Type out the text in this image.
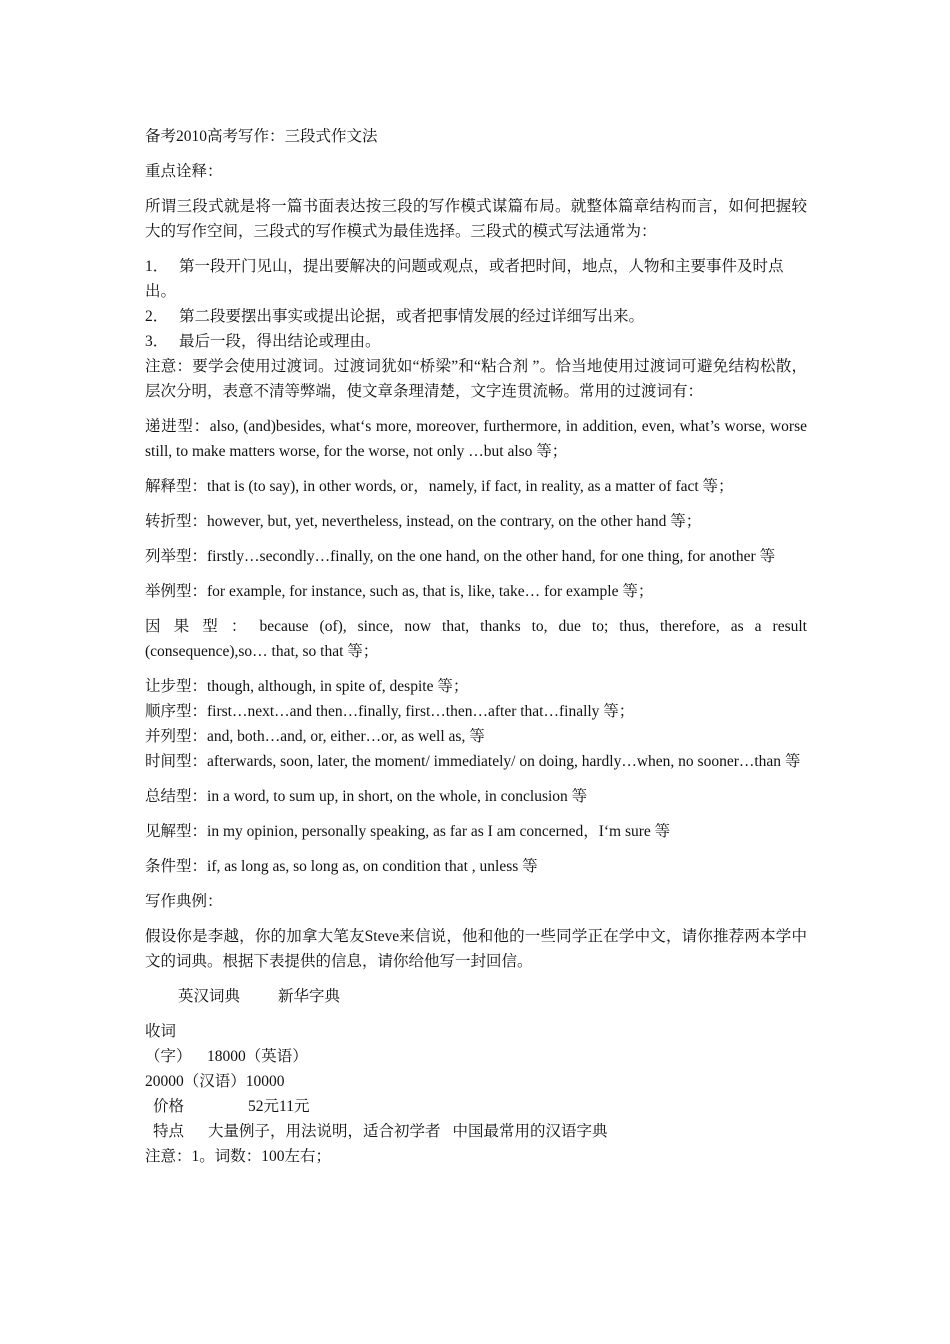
备考2010高考写作：三段式作文法

重点诠释：

所谓三段式就是将一篇书面表达按三段的写作模式谋篇布局。就整体篇章结构而言，如何把握较大的写作空间，三段式的写作模式为最佳选择。三段式的模式写法通常为：

1． 第一段开门见山，提出要解决的问题或观点，或者把时间，地点，人物和主要事件及时点出。

2． 第二段要摆出事实或提出论据，或者把事情发展的经过详细写出来。

3． 最后一段，得出结论或理由。

注意：要学会使用过渡词。过渡词犹如“桥梁”和“粘合剂 ”。恰当地使用过渡词可避免结构松散，层次分明，表意不清等弊端，使文章条理清楚，文字连贯流畅。常用的过渡词有：

递进型：also, (and)besides, what‘s more, moreover, furthermore, in addition, even, what’s worse, worse still, to make matters worse, for the worse, not only …but also 等；

解释型：that is (to say), in other words, or，namely, if fact, in reality, as a matter of fact 等；

转折型：however, but, yet, nevertheless, instead, on the contrary, on the other hand 等；

列举型：firstly…secondly…finally, on the one hand, on the other hand, for one thing, for another 等

举例型：for example, for instance, such as, that is, like, take… for example 等；

因果型：because (of), since, now that, thanks to, due to; thus, therefore, as a result (consequence),so… that, so that 等；

让步型：though, although, in spite of, despite 等；

顺序型：first…next…and then…finally, first…then…after that…finally 等；

并列型：and, both…and, or, either…or, as well as, 等

时间型：afterwards, soon, later, the moment/ immediately/ on doing, hardly…when, no sooner…than 等

总结型：in a word, to sum up, in short, on the whole, in conclusion 等

见解型：in my opinion, personally speaking, as far as I am concerned，I‘m sure 等

条件型：if, as long as, so long as, on condition that , unless 等

写作典例：

假设你是李越，你的加拿大笔友Steve来信说，他和他的一些同学正在学中文，请你推荐两本学中文的词典。根据下表提供的信息，请你给他写一封回信。

英汉词典 新华字典

收词

（字） 18000（英语）

20000（汉语）10000

价格	52元11元

特点 大量例子，用法说明，适合初学者 中国最常用的汉语字典

注意：1。词数：100左右；
